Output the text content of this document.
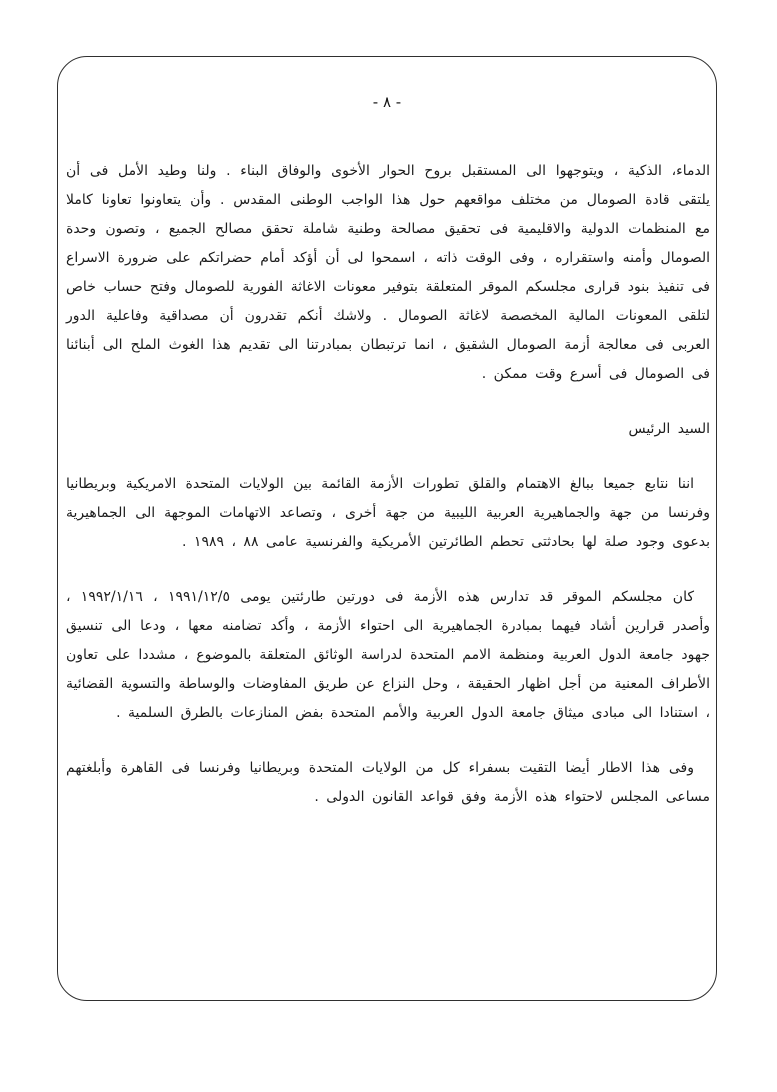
- ٨ -

الدماء، الذكية ، ويتوجهوا الى المستقبل بروح الحوار الأخوى والوفاق البناء . ولنا وطيد الأمل فى أن يلتقى قادة الصومال من مختلف مواقعهم حول هذا الواجب الوطنى المقدس . وأن يتعاونوا تعاونا كاملا مع المنظمات الدولية والاقليمية فى تحقيق مصالحة وطنية شاملة تحقق مصالح الجميع ، وتصون وحدة الصومال وأمنه واستقراره ، وفى الوقت ذاته ، اسمحوا لى أن أؤكد أمام حضراتكم على ضرورة الاسراع فى تنفيذ بنود قرارى مجلسكم الموقر المتعلقة بتوفير معونات الاغاثة الفورية للصومال وفتح حساب خاص لتلقى المعونات المالية المخصصة لاغاثة الصومال . ولاشك أنكم تقدرون أن مصداقية وفاعلية الدور العربى فى معالجة أزمة الصومال الشقيق ، انما ترتبطان بمبادرتنا الى تقديم هذا الغوث الملح الى أبنائنا فى الصومال فى أسرع وقت ممكن .

السيد الرئيس

اننا نتابع جميعا ببالغ الاهتمام والقلق تطورات الأزمة القائمة بين الولايات المتحدة الامريكية وبريطانيا وفرنسا من جهة والجماهيرية العربية الليبية من جهة أخرى ، وتصاعد الاتهامات الموجهة الى الجماهيرية بدعوى وجود صلة لها بحادثتى تحطم الطائرتين الأمريكية والفرنسية عامى ٨٨ ، ١٩٨٩ .

كان مجلسكم الموقر قد تدارس هذه الأزمة فى دورتين طارئتين يومى ١٩٩١/١٢/٥ ، ١٩٩٢/١/١٦ ، وأصدر قرارين أشاد فيهما بمبادرة الجماهيرية الى احتواء الأزمة ، وأكد تضامنه معها ، ودعا الى تنسيق جهود جامعة الدول العربية ومنظمة الامم المتحدة لدراسة الوثائق المتعلقة بالموضوع ، مشددا على تعاون الأطراف المعنية من أجل اظهار الحقيقة ، وحل النزاع عن طريق المفاوضات والوساطة والتسوية القضائية ، استنادا الى مبادى ميثاق جامعة الدول العربية والأمم المتحدة بفض المنازعات بالطرق السلمية .

وفى هذا الاطار أيضا التقيت بسفراء كل من الولايات المتحدة وبريطانيا وفرنسا فى القاهرة وأبلغتهم مساعى المجلس لاحتواء هذه الأزمة وفق قواعد القانون الدولى .
